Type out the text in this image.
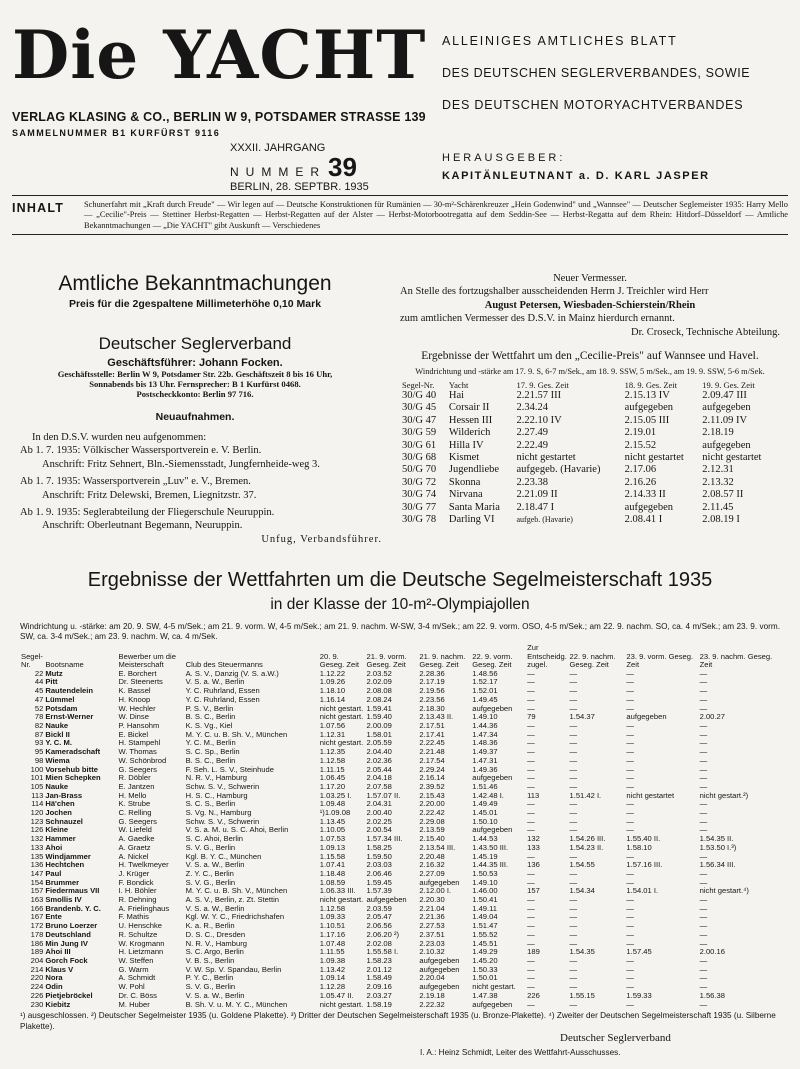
Die YACHT
VERLAG KLASING & CO., BERLIN W 9, POTSDAMER STRASSE 139
SAMMELNUMMER B1 KURFÜRST 9116
ALLEINIGES AMTLICHES BLATT
DES DEUTSCHEN SEGLERVERBANDES, SOWIE
DES DEUTSCHEN MOTORYACHTVERBANDES
HERAUSGEBER:
KAPITÄNLEUTNANT a. D. KARL JASPER
XXXII. JAHRGANG
NUMMER 39
BERLIN, 28. SEPTBR. 1935
INHALT	Schunerfahrt mit „Kraft durch Freude" — Wir legen auf — Deutsche Konstruktionen für Rumänien — 30-m²-Schärenkreuzer „Hein Godenwind" und „Wannsee" — Deutscher Seglemeister 1935: Harry Mello — „Cecilie"-Preis — Stettiner Herbst-Regatten — Herbst-Regatten auf der Alster — Herbst-Motorbootregatta auf dem Seddin-See — Herbst-Regatta auf dem Rhein: Hitdorf–Düsseldorf — Amtliche Bekanntmachungen — „Die YACHT" gibt Auskunft — Verschiedenes
Amtliche Bekanntmachungen
Preis für die 2gespaltene Millimeterhöhe 0,10 Mark
Deutscher Seglerverband
Geschäftsführer: Johann Focken.
Geschäftsstelle: Berlin W 9, Potsdamer Str. 22b. Geschäftszeit 8 bis 16 Uhr,
Sonnabends bis 13 Uhr. Fernsprecher: B 1 Kurfürst 0468.
Postscheckkonto: Berlin 97 716.
Neuaufnahmen.
In den D.S.V. wurden neu aufgenommen:
Ab 1. 7. 1935: Völkischer Wassersportverein e. V. Berlin.
Anschrift: Fritz Sehnert, Bln.-Siemensstadt, Jungfernheide-weg 3.
Ab 1. 7. 1935: Wassersportverein „Luv" e. V., Bremen.
Anschrift: Fritz Delewski, Bremen, Liegnitzstr. 37.
Ab 1. 9. 1935: Seglerabteilung der Fliegerschule Neuruppin.
Anschrift: Oberleutnant Begemann, Neuruppin.
Unfug, Verbandsführer.
Neuer Vermesser.
An Stelle des fortzugshalber ausscheidenden Herrn J. Treichler wird Herr
August Petersen, Wiesbaden-Schierstein/Rhein
zum amtlichen Vermesser des D.S.V. in Mainz hierdurch ernannt.
Dr. Croseck, Technische Abteilung.
Ergebnisse der Wettfahrt um den „Cecilie-Preis" auf Wannsee und Havel.
Windrichtung und -stärke am 17. 9. S, 6-7 m/Sek., am 18. 9. SSW, 5 m/Sek., am 19. 9. SSW, 5-6 m/Sek.
Segel-Nr.	Yacht	17. 9. Ges. Zeit	18. 9. Ges. Zeit	19. 9. Ges. Zeit
30/G 40	Hai	2.21.57 III	2.15.13 IV	2.09.47 III
30/G 45	Corsair II	2.34.24	aufgegeben	aufgegeben
30/G 47	Hessen III	2.22.10 IV	2.15.05 III	2.11.09 IV
30/G 59	Wilderich	2.27.49	2.19.01	2.18.19
30/G 61	Hilla IV	2.22.49	2.15.52	aufgegeben
30/G 68	Kismet	nicht gestartet	nicht gestartet	nicht gestartet
50/G 70	Jugendliebe	aufgegeb. (Havarie)	2.17.06	2.12.31
30/G 72	Skonna	2.23.38	2.16.26	2.13.32
30/G 74	Nirvana	2.21.09 II	2.14.33 II	2.08.57 II
30/G 77	Santa Maria	2.18.47 I	aufgegeben	2.11.45
30/G 78	Darling VI	aufgeb. (Havarie)	2.08.41 I	2.08.19 I
Ergebnisse der Wettfahrten um die Deutsche Segelmeisterschaft 1935
in der Klasse der 10-m²-Olympiajollen
Windrichtung u. -stärke: am 20. 9. SW, 4-5 m/Sek.; am 21. 9. vorm. W, 4-5 m/Sek.; am 21. 9. nachm. W-SW, 3-4 m/Sek.; am 22. 9. vorm. OSO, 4-5 m/Sek.; am 22. 9. nachm. SO, ca. 4 m/Sek.; am 23. 9. vorm. SW, ca. 3-4 m/Sek.; am 23. 9. nachm. W, ca. 4 m/Sek.
Segel-Nr.	Bootsname	Bewerber um die Meisterschaft	Club des Steuermanns	20. 9. Geseg. Zeit	21. 9. vorm. Geseg. Zeit	21. 9. nachm. Geseg. Zeit	22. 9. vorm. Geseg. Zeit	Zur Entscheidg. zugel.	22. 9. nachm. Geseg. Zeit	23. 9. vorm. Geseg. Zeit	23. 9. nachm. Geseg. Zeit
22	Mutz	E. Borchert	A. S. V., Danzig (V. S. a.W.)	1.12.22	2.03.52	2.28.36	1.48.56	—	—	—	—
44	Pitt	Dr. Steenerts	V. S. a. W., Berlin	1.09.26	2.02.09	2.17.19	1.52.17	—	—	—	—
45	Rautendelein	K. Bassel	Y. C. Ruhrland, Essen	1.18.10	2.08.08	2.19.56	1.52.01	—	—	—	—
47	Lümmel	H. Knoop	Y. C. Ruhrland, Essen	1.16.14	2.08.24	2.23.56	1.49.45	—	—	—	—
52	Potsdam	W. Hechler	P. S. V., Berlin	nicht gestart.	1.59.41	2.18.30	aufgegeben	—	—	—	—
78	Ernst-Werner	W. Dinse	B. S. C., Berlin	nicht gestart.	1.59.40	2.13.43 II.	1.49.10	79	1.54.37	aufgegeben	2.00.27
82	Nauke	P. Hansohm	K. S. Vg., Kiel	1.07.56	2.00.09	2.17.51	1.44.36	—	—	—	—
87	Bickl II	E. Bickel	M. Y. C. u. B. Sh. V., München	1.12.31	1.58.01	2.17.41	1.47.34	—	—	—	—
93	Y. C. M.	H. Stampehl	Y. C. M., Berlin	nicht gestart.	2.05.59	2.22.45	1.48.36	—	—	—	—
95	Kameradschaft	W. Thomas	S. C. Sp., Berlin	1.12.35	2.04.40	2.21.48	1.49.37	—	—	—	—
98	Wiema	W. Schönbrod	B. S. C., Berlin	1.12.58	2.02.36	2.17.54	1.47.31	—	—	—	—
100	Vorsehub bitte	G. Seegers	F. Seh. L. S. V., Steinhude	1.11.15	2.05.44	2.29.24	1.49.36	—	—	—	—
101	Mien Schepken	R. Döbler	N. R. V., Hamburg	1.06.45	2.04.18	2.16.14	aufgegeben	—	—	—	—
105	Nauke	E. Jantzen	Schw. S. V., Schwerin	1.17.20	2.07.58	2.39.52	1.51.46	—	—	—	—
113	Jan-Brass	H. Mello	H. S. C., Hamburg	1.03.25 I.	1.57.07 II.	2.15.43	1.42.48 I.	113	1.51.42 I.	nicht gestartet	nicht gestart.²)
114	Hä'chen	K. Strube	S. C. S., Berlin	1.09.48	2.04.31	2.20.00	1.49.49	—	—	—	—
120	Jochen	C. Relling	S. Vg. N., Hamburg	¹)1.09.08	2.00.40	2.22.42	1.45.01	—	—	—	—
123	Schnauzel	G. Seegers	Schw. S. V., Schwerin	1.13.45	2.02.25	2.29.08	1.50.10	—	—	—	—
126	Kleine	W. Liefeld	V. S. a. M. u. S. C. Ahoi, Berlin	1.10.05	2.00.54	2.13.59	aufgegeben	—	—	—	—
132	Hammer	A. Gaedke	S. C. Ahoi, Berlin	1.07.53	1.57.34 III.	2.15.40	1.44.53	132	1.54.26 III.	1.55.40 II.	1.54.35 II.
133	Ahoi	A. Graetz	S. V. G., Berlin	1.09.13	1.58.25	2.13.54 III.	1.43.50 III.	133	1.54.23 II.	1.58.10	1.53.50 I.³)
135	Windjammer	A. Nickel	Kgl. B. Y. C., München	1.15.58	1.59.50	2.20.48	1.45.19	—	—	—	—
136	Hechtchen	H. Twelkmeyer	V. S. a. W., Berlin	1.07.41	2.03.03	2.16.32	1.44.35 III.	136	1.54.55	1.57.16 III.	1.56.34 III.
147	Paul	J. Krüger	Z. Y. C., Berlin	1.18.48	2.06.46	2.27.09	1.50.53	—	—	—	—
154	Brummer	F. Bondick	S. V. G., Berlin	1.08.59	1.59.45	aufgegeben	1.49.10	—	—	—	—
157	Fiedermaus VII	I. H. Böhler	M. Y. C. u. B. Sh. V., München	1.06.33 III.	1.57.39	2.12.00 I.	1.46.00	157	1.54.34	1.54.01 I.	nicht gestart.⁴)
163	Smollis IV	R. Dehning	A. S. V., Berlin, z. Zt. Stettin	nicht gestart.	aufgegeben	2.20.30	1.50.41	—	—	—	—
166	Brandenb. Y. C.	A. Frielinghaus	V. S. a. W., Berlin	1.12.58	2.03.59	2.21.04	1.49.11	—	—	—	—
167	Ente	F. Mathis	Kgl. W. Y. C., Friedrichshafen	1.09.33	2.05.47	2.21.36	1.49.04	—	—	—	—
172	Bruno Loerzer	U. Henschke	K. a. R., Berlin	1.10.51	2.06.56	2.27.53	1.51.47	—	—	—	—
178	Deutschland	R. Schultze	D. S. C., Dresden	1.17.16	2.06.20 ²)	2.37.51	1.55.52	—	—	—	—
186	Min Jung IV	W. Krogmann	N. R. V., Hamburg	1.07.48	2.02.08	2.23.03	1.45.51	—	—	—	—
189	Ahoi III	H. Lietzmann	S. C. Argo, Berlin	1.11.55	1.55.58 I.	2.10.32	1.49.29	189	1.54.35	1.57.45	2.00.16
204	Gorch Fock	W. Steffen	V. B. S., Berlin	1.09.38	1.58.23	aufgegeben	1.45.20	—	—	—	—
214	Klaus V	G. Warm	V. W. Sp. V. Spandau, Berlin	1.13.42	2.01.12	aufgegeben	1.50.33	—	—	—	—
220	Nora	A. Schmidt	P. Y. C., Berlin	1.09.14	1.58.49	2.20.04	1.50.01	—	—	—	—
224	Odin	W. Pohl	S. V. G., Berlin	1.12.28	2.09.16	aufgegeben	nicht gestart.	—	—	—	—
226	Pietjebröckel	Dr. C. Böss	V. S. a. W., Berlin	1.05.47 II.	2.03.27	2.19.18	1.47.38	226	1.55.15	1.59.33	1.56.38
230	Kiebitz	M. Huber	B. Sh. V. u. M. Y. C., München	nicht gestart.	1.58.19	2.22.32	aufgegeben	—	—	—	—
¹) ausgeschlossen. ²) Deutscher Segelmeister 1935 (u. Goldene Plakette). ³) Dritter der Deutschen Segelmeisterschaft 1935 (u. Bronze-Plakette). ⁴) Zweiter der Deutschen Segelmeisterschaft 1935 (u. Silberne Plakette).
Deutscher Seglerverband
I. A.: Heinz Schmidt, Leiter des Wettfahrt-Ausschusses.
